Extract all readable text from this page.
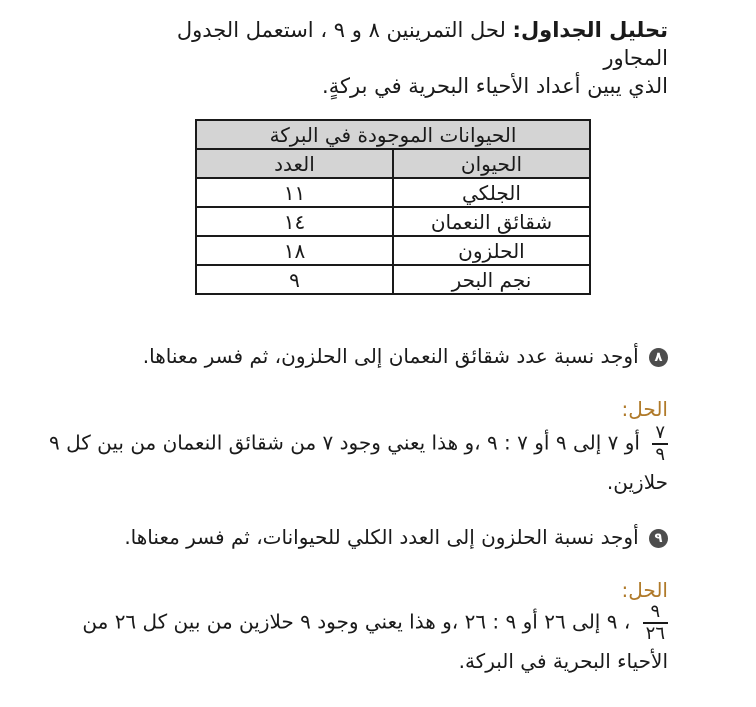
تحليل الجداول: لحل التمرينين ٨ و ٩ ، استعمل الجدول
المجاور
الذي يبين أعداد الأحياء البحرية في بركةٍ.
الحيوانات الموجودة في البركة	
الحيوان	العدد
الجلكي	١١
شقائق النعمان	١٤
الحلزون	١٨
نجم البحر	٩
٨ أوجد نسبة عدد شقائق النعمان إلى الحلزون، ثم فسر معناها.
الحل:
$\frac{٧}{٩}$
أو ٧ إلى ٩ أو ٧ : ٩ ،و هذا يعني وجود ٧ من شقائق النعمان من بين كل ٩ حلازين.
٩ أوجد نسبة الحلزون إلى العدد الكلي للحيوانات، ثم فسر معناها.
الحل:
$\frac{٩}{٢٦}$
، ٩ إلى ٢٦ أو ٩ : ٢٦ ،و هذا يعني وجود ٩ حلازين من بين كل ٢٦ من الأحياء البحرية في البركة.
